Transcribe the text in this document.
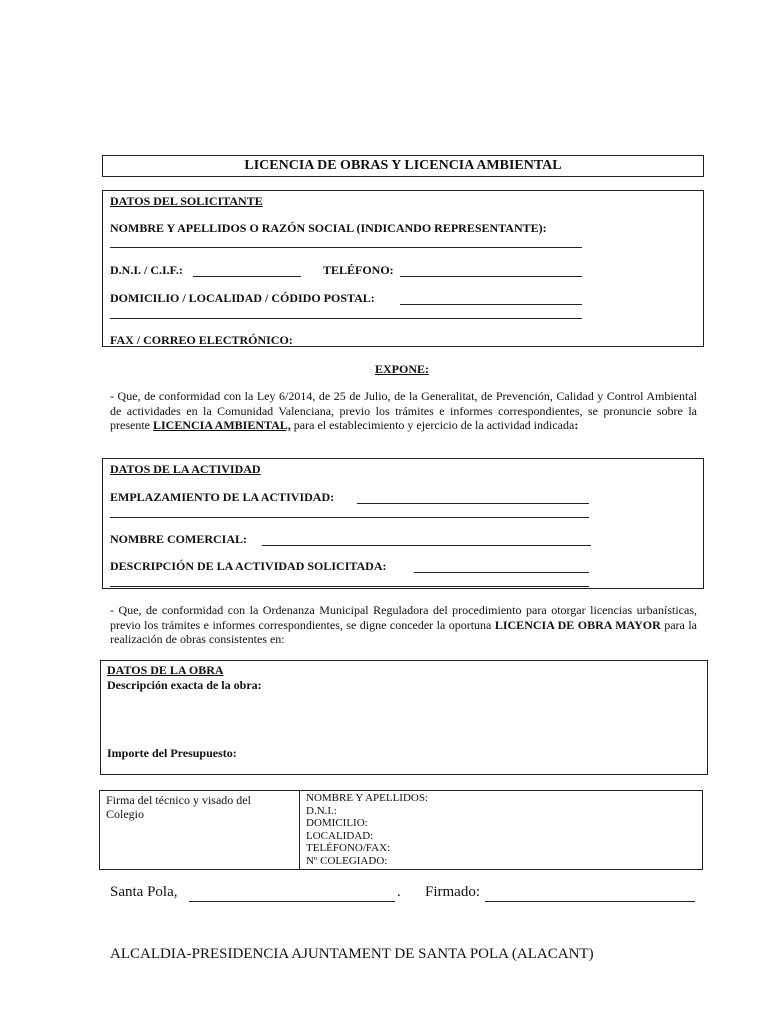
LICENCIA DE OBRAS Y LICENCIA AMBIENTAL
DATOS DEL SOLICITANTE
NOMBRE Y APELLIDOS O RAZÓN SOCIAL (INDICANDO REPRESENTANTE):
D.N.I. / C.I.F.:	TELÉFONO:
DOMICILIO / LOCALIDAD / CÓDIDO POSTAL:
FAX / CORREO ELECTRÓNICO:
EXPONE:
- Que, de conformidad con la Ley 6/2014, de 25 de Julio, de la Generalitat, de Prevención, Calidad y Control Ambiental de actividades en la Comunidad Valenciana, previo los trámites e informes correspondientes, se pronuncie sobre la presente LICENCIA AMBIENTAL, para el establecimiento y ejercicio de la actividad indicada:
DATOS DE LA ACTIVIDAD
EMPLAZAMIENTO DE LA ACTIVIDAD:
NOMBRE COMERCIAL:
DESCRIPCIÓN DE LA ACTIVIDAD SOLICITADA:
- Que, de conformidad con la Ordenanza Municipal Reguladora del procedimiento para otorgar licencias urbanísticas, previo los trámites e informes correspondientes, se digne conceder la oportuna LICENCIA DE OBRA MAYOR para la realización de obras consistentes en:
DATOS DE LA OBRA
Descripción exacta de la obra:
Importe del Presupuesto:
Firma del técnico y visado del Colegio
NOMBRE Y APELLIDOS:
D.N.I.:
DOMICILIO:
LOCALIDAD:
TELÉFONO/FAX:
Nº COLEGIADO:
Santa Pola,	. Firmado:
ALCALDIA-PRESIDENCIA AJUNTAMENT DE SANTA POLA (ALACANT)
